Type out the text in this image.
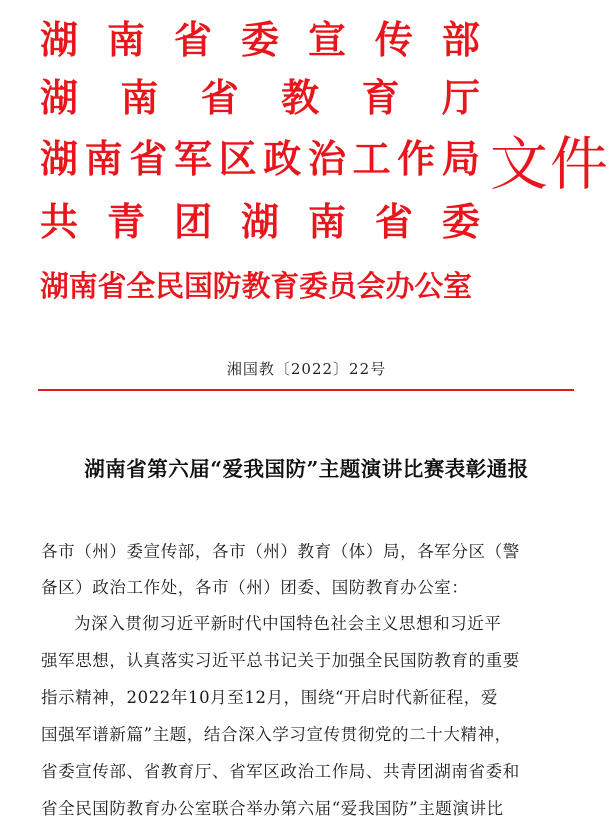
湖 南 省 委 宣 传 部
湖 南 省 教 育 厅
湖 南 省 军 区 政 治 工 作 局
共 青 团 湖 南 省 委
湖南省全民国防教育委员会办公室
文件
湘国教〔2022〕22号
湖南省第六届“爱我国防”主题演讲比赛表彰通报
各市（州）委宣传部，各市（州）教育（体）局，各军分区（警
备区）政治工作处，各市（州）团委、国防教育办公室：
为深入贯彻习近平新时代中国特色社会主义思想和习近平
强军思想，认真落实习近平总书记关于加强全民国防教育的重要
指示精神，2022年10月至12月，围绕“开启时代新征程，爱
国强军谱新篇”主题，结合深入学习宣传贯彻党的二十大精神，
省委宣传部、省教育厅、省军区政治工作局、共青团湖南省委和
省全民国防教育办公室联合举办第六届“爱我国防”主题演讲比
